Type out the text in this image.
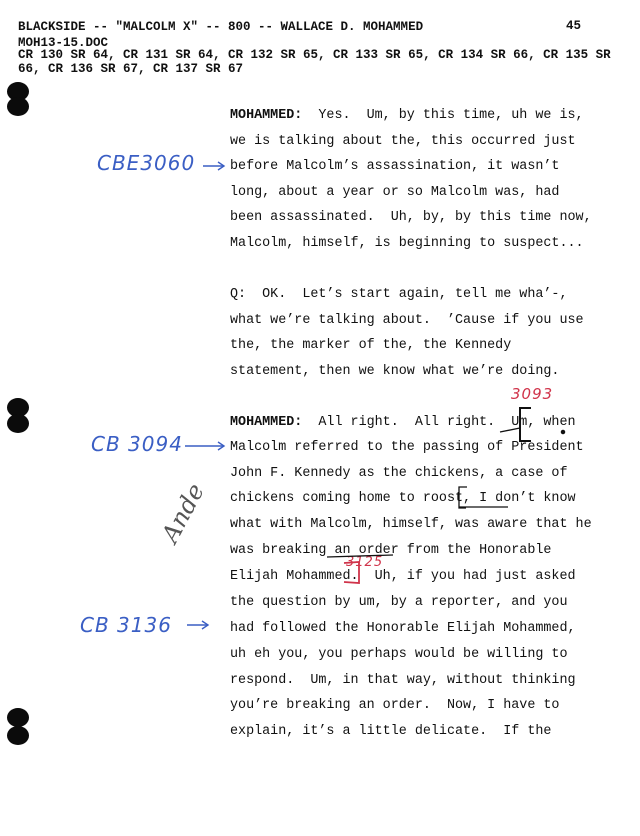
BLACKSIDE -- "MALCOLM X" -- 800 -- WALLACE D. MOHAMMED	45
MOH13-15.DOC
CR 130 SR 64, CR 131 SR 64, CR 132 SR 65, CR 133 SR 65, CR 134 SR 66, CR 135 SR
66, CR 136 SR 67, CR 137 SR 67
MOHAMMED:  Yes.  Um, by this time, uh we is,
we is talking about the, this occurred just
before Malcolm’s assassination, it wasn’t
long, about a year or so Malcolm was, had
been assassinated.  Uh, by, by this time now,
Malcolm, himself, is beginning to suspect...
Q:  OK.  Let’s start again, tell me wha’-,
what we’re talking about.  ’Cause if you use
the, the marker of the, the Kennedy
statement, then we know what we’re doing.
MOHAMMED:  All right.  All right.  Um, when
Malcolm referred to the passing of President
John F. Kennedy as the chickens, a case of
chickens coming home to roost, I don’t know
what with Malcolm, himself, was aware that he
was breaking an order from the Honorable
Elijah Mohammed.  Uh, if you had just asked
the question by um, by a reporter, and you
had followed the Honorable Elijah Mohammed,
uh eh you, you perhaps would be willing to
respond.  Um, in that way, without thinking
you’re breaking an order.  Now, I have to
explain, it’s a little delicate.  If the
CBE3060
CB 3094
CB 3136
3093
3125
Ande
